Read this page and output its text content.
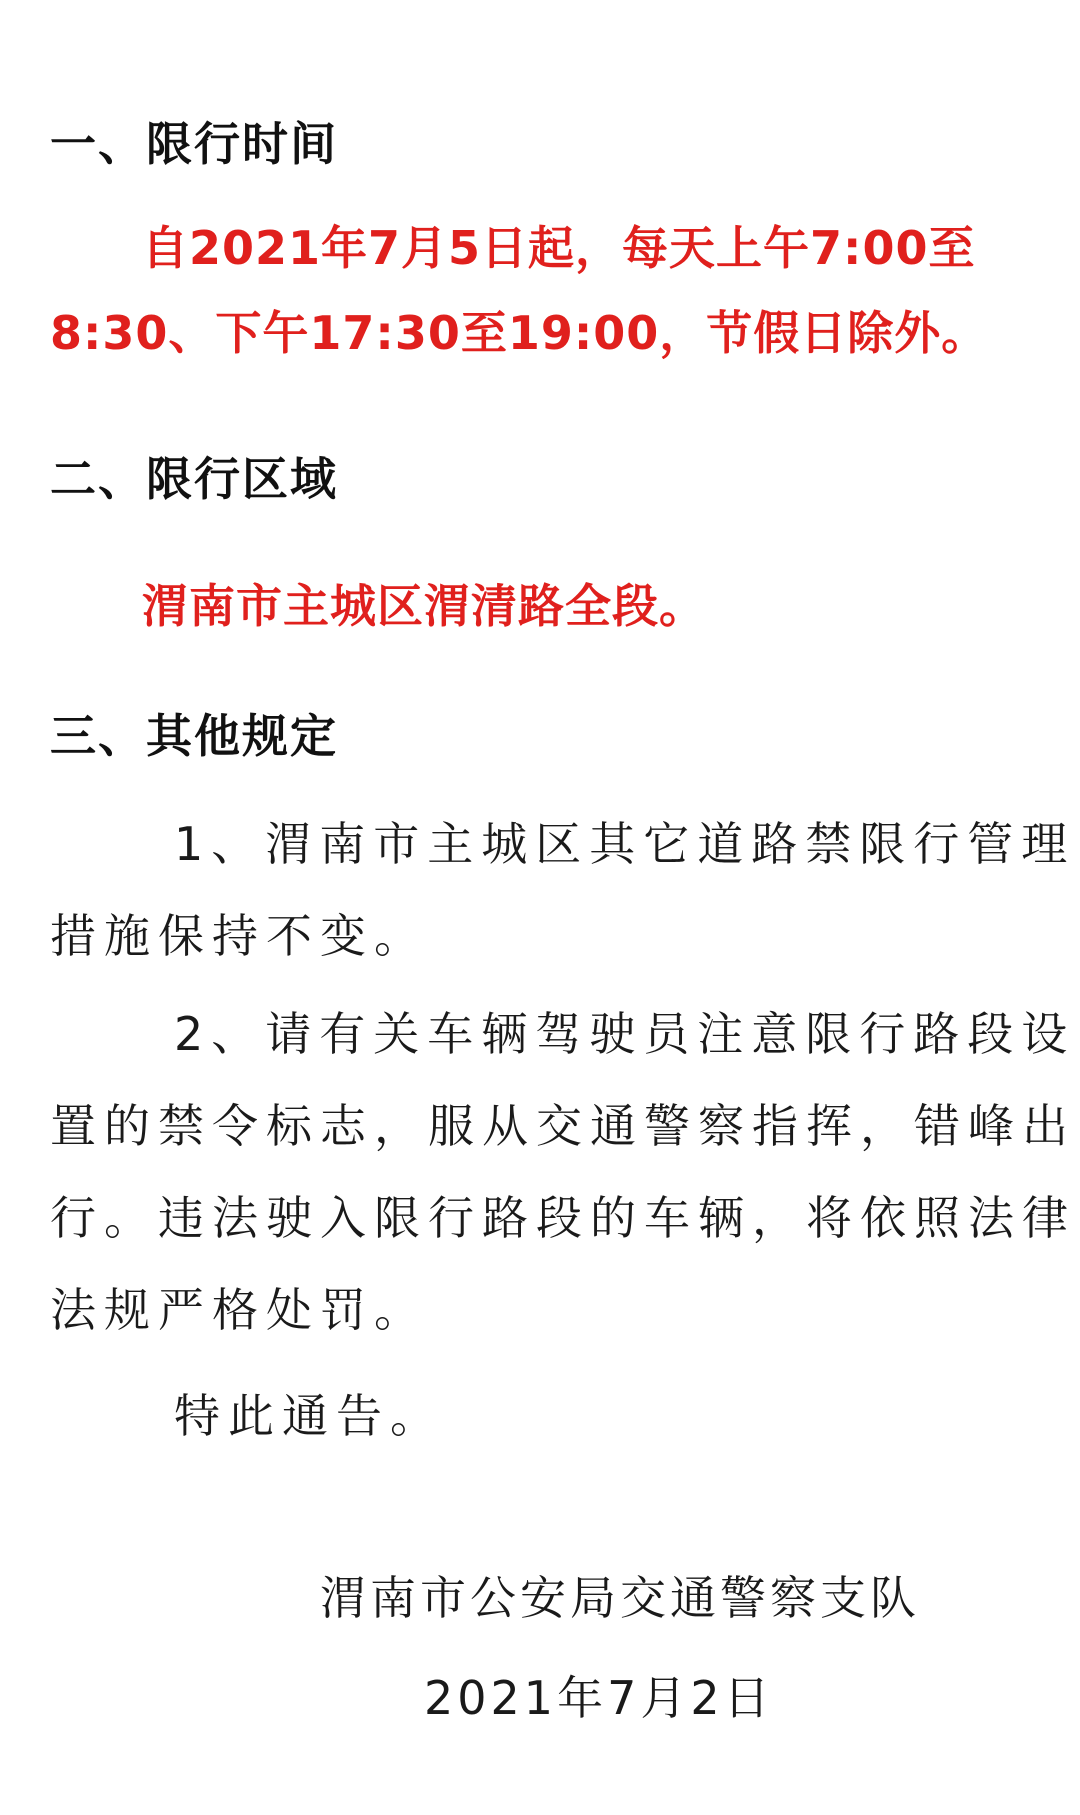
一、限行时间
自2021年7月5日起，每天上午7:00至
8:30、下午17:30至19:00，节假日除外。
二、限行区域
渭南市主城区渭清路全段。
三、其他规定
1、渭南市主城区其它道路禁限行管理
措施保持不变。
2、请有关车辆驾驶员注意限行路段设
置的禁令标志，服从交通警察指挥，错峰出
行。违法驶入限行路段的车辆，将依照法律
法规严格处罚。
特此通告。
渭南市公安局交通警察支队
2021年7月2日
